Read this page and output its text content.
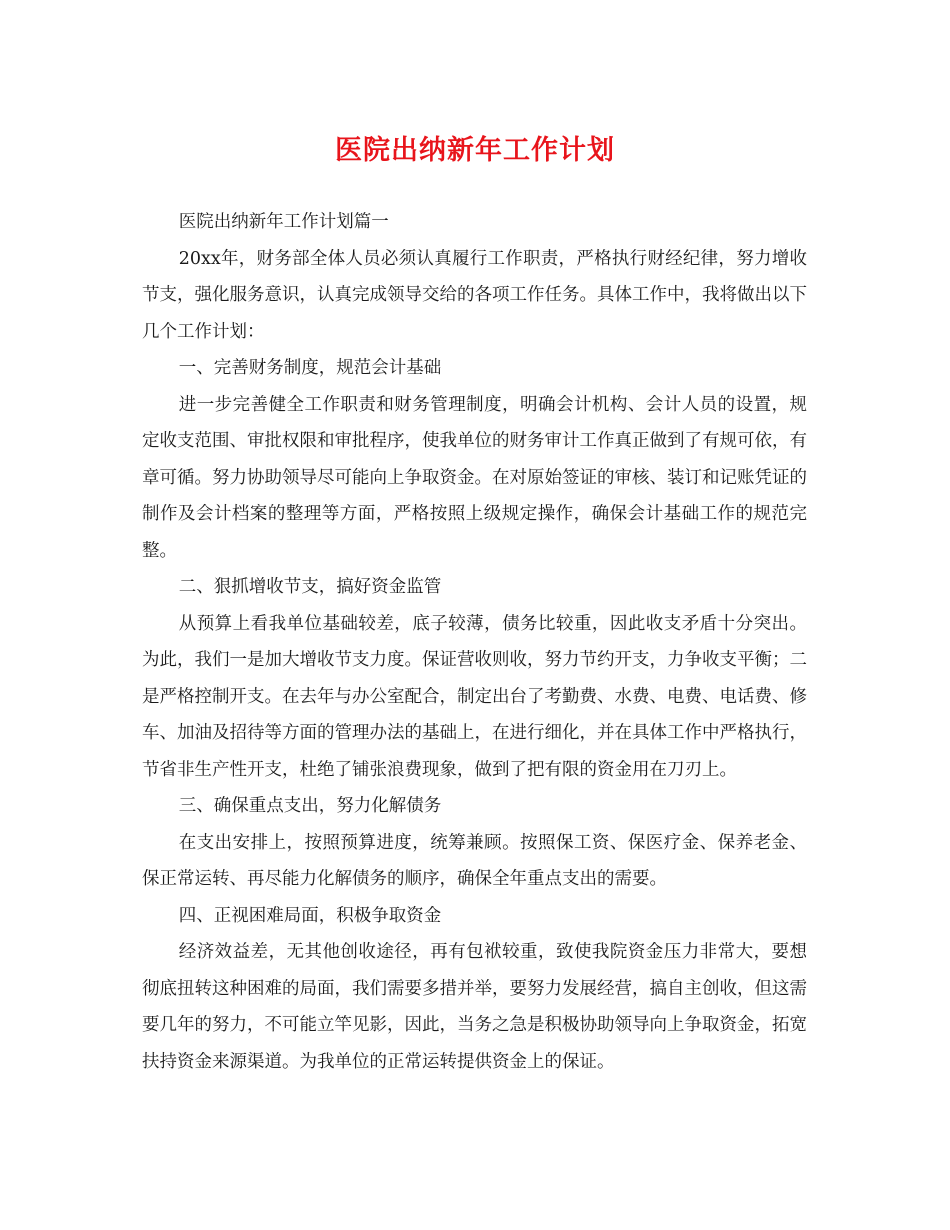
医院出纳新年工作计划

医院出纳新年工作计划篇一

20xx年，财务部全体人员必须认真履行工作职责，严格执行财经纪律，努力增收节支，强化服务意识，认真完成领导交给的各项工作任务。具体工作中，我将做出以下几个工作计划：

一、完善财务制度，规范会计基础

进一步完善健全工作职责和财务管理制度，明确会计机构、会计人员的设置，规定收支范围、审批权限和审批程序，使我单位的财务审计工作真正做到了有规可依，有章可循。努力协助领导尽可能向上争取资金。在对原始签证的审核、装订和记账凭证的制作及会计档案的整理等方面，严格按照上级规定操作，确保会计基础工作的规范完整。

二、狠抓增收节支，搞好资金监管

从预算上看我单位基础较差，底子较薄，债务比较重，因此收支矛盾十分突出。为此，我们一是加大增收节支力度。保证营收则收，努力节约开支，力争收支平衡；二是严格控制开支。在去年与办公室配合，制定出台了考勤费、水费、电费、电话费、修车、加油及招待等方面的管理办法的基础上，在进行细化，并在具体工作中严格执行，节省非生产性开支，杜绝了铺张浪费现象，做到了把有限的资金用在刀刃上。

三、确保重点支出，努力化解债务

在支出安排上，按照预算进度，统筹兼顾。按照保工资、保医疗金、保养老金、保正常运转、再尽能力化解债务的顺序，确保全年重点支出的需要。

四、正视困难局面，积极争取资金

经济效益差，无其他创收途径，再有包袱较重，致使我院资金压力非常大，要想彻底扭转这种困难的局面，我们需要多措并举，要努力发展经营，搞自主创收，但这需要几年的努力，不可能立竿见影，因此，当务之急是积极协助领导向上争取资金，拓宽扶持资金来源渠道。为我单位的正常运转提供资金上的保证。
